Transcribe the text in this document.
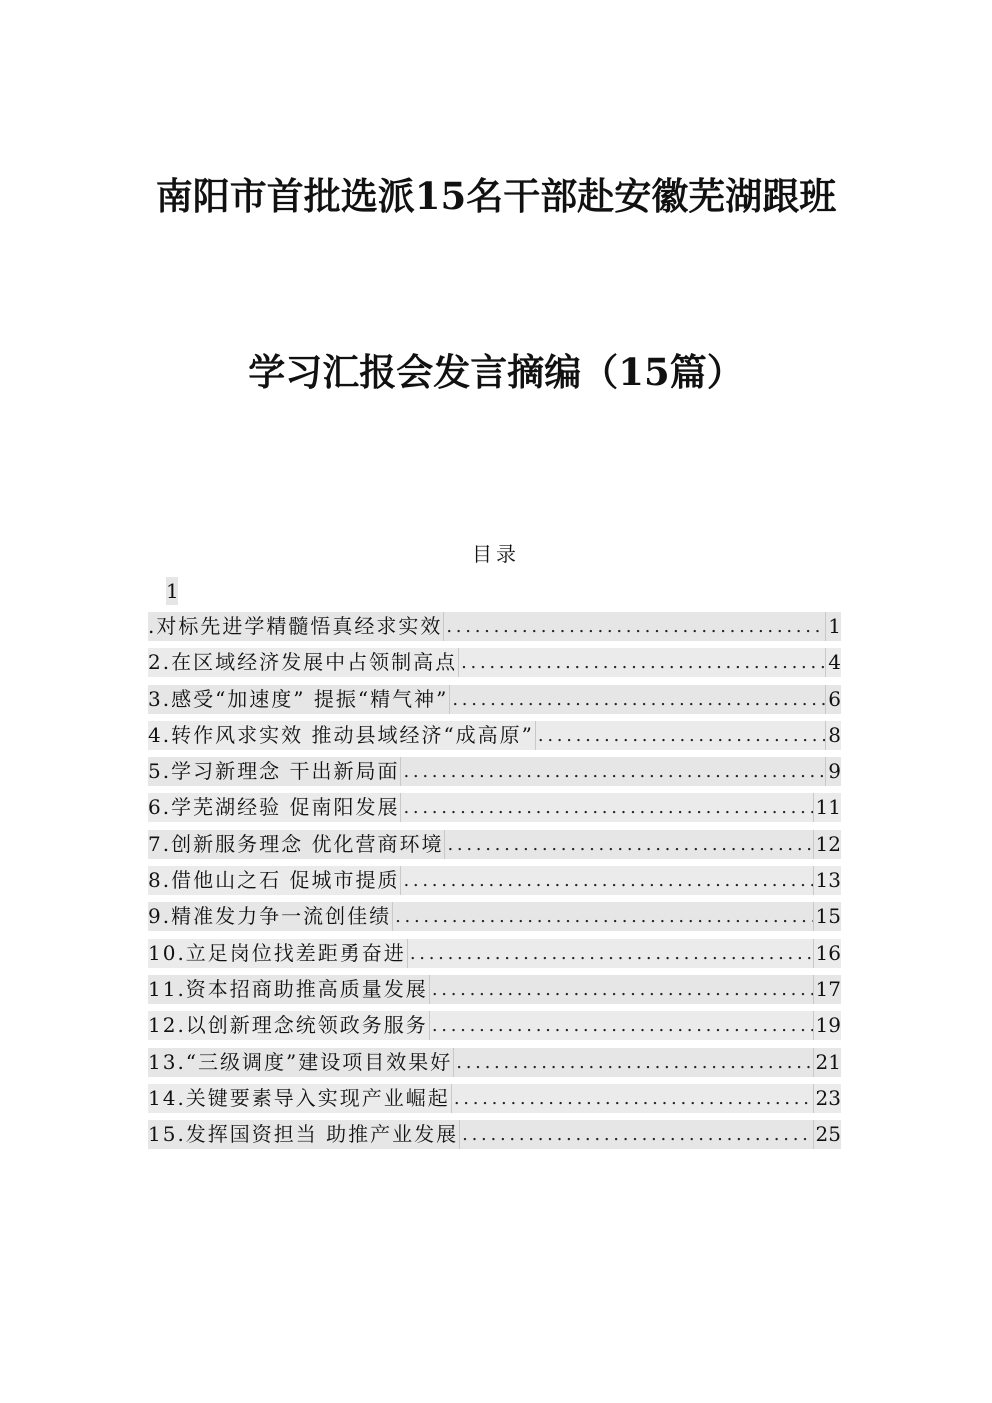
南阳市首批选派15名干部赴安徽芜湖跟班
学习汇报会发言摘编（15篇）
目录
1
.对标先进学精髓悟真经求实效 . . .	1
2.在区域经济发展中占领制高点 . . .	4
3.感受“加速度” 提振“精气神” . . .	6
4.转作风求实效 推动县域经济“成高原” . . .	8
5.学习新理念 干出新局面 . . .	9
6.学芜湖经验 促南阳发展 . . .	11
7.创新服务理念 优化营商环境 . . .	12
8.借他山之石 促城市提质 . . .	13
9.精准发力争一流创佳绩 . . .	15
10.立足岗位找差距勇奋进 . . .	16
11.资本招商助推高质量发展 . . .	17
12.以创新理念统领政务服务 . . .	19
13.“三级调度”建设项目效果好 . . .	21
14.关键要素导入实现产业崛起 . . .	23
15.发挥国资担当 助推产业发展 . . .	25
